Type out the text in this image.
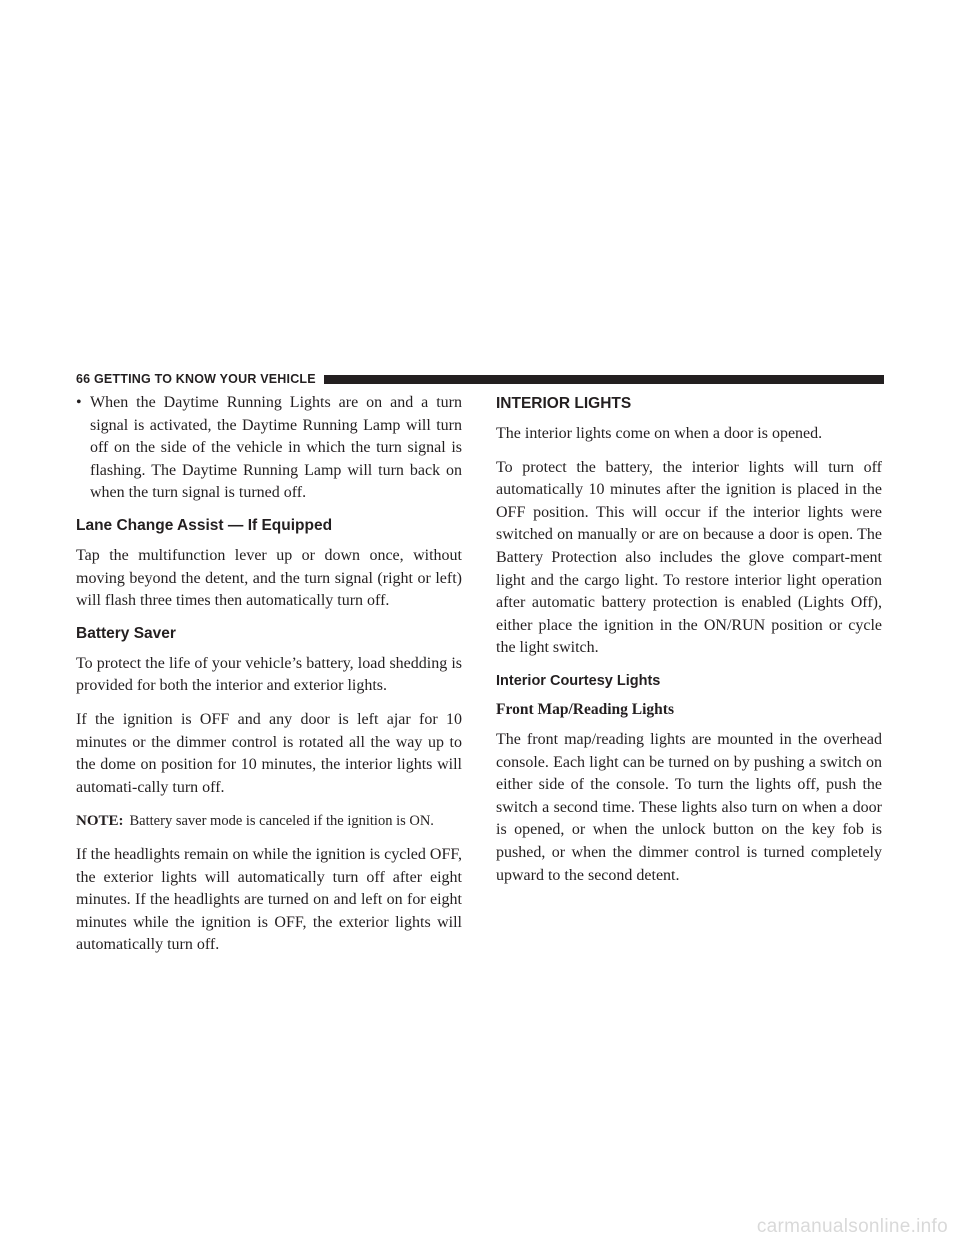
66 GETTING TO KNOW YOUR VEHICLE
• When the Daytime Running Lights are on and a turn signal is activated, the Daytime Running Lamp will turn off on the side of the vehicle in which the turn signal is flashing. The Daytime Running Lamp will turn back on when the turn signal is turned off.

Lane Change Assist — If Equipped

Tap the multifunction lever up or down once, without moving beyond the detent, and the turn signal (right or left) will flash three times then automatically turn off.

Battery Saver

To protect the life of your vehicle’s battery, load shedding is provided for both the interior and exterior lights.

If the ignition is OFF and any door is left ajar for 10 minutes or the dimmer control is rotated all the way up to the dome on position for 10 minutes, the interior lights will automati-cally turn off.

NOTE: Battery saver mode is canceled if the ignition is ON.

If the headlights remain on while the ignition is cycled OFF, the exterior lights will automatically turn off after eight minutes. If the headlights are turned on and left on for eight minutes while the ignition is OFF, the exterior lights will automatically turn off.

INTERIOR LIGHTS

The interior lights come on when a door is opened.

To protect the battery, the interior lights will turn off automatically 10 minutes after the ignition is placed in the OFF position. This will occur if the interior lights were switched on manually or are on because a door is open. The Battery Protection also includes the glove compart-ment light and the cargo light. To restore interior light operation after automatic battery protection is enabled (Lights Off), either place the ignition in the ON/RUN position or cycle the light switch.

Interior Courtesy Lights
Front Map/Reading Lights

The front map/reading lights are mounted in the overhead console. Each light can be turned on by pushing a switch on either side of the console. To turn the lights off, push the switch a second time. These lights also turn on when a door is opened, or when the unlock button on the key fob is pushed, or when the dimmer control is turned completely upward to the second detent.

carmanualsonline.info
